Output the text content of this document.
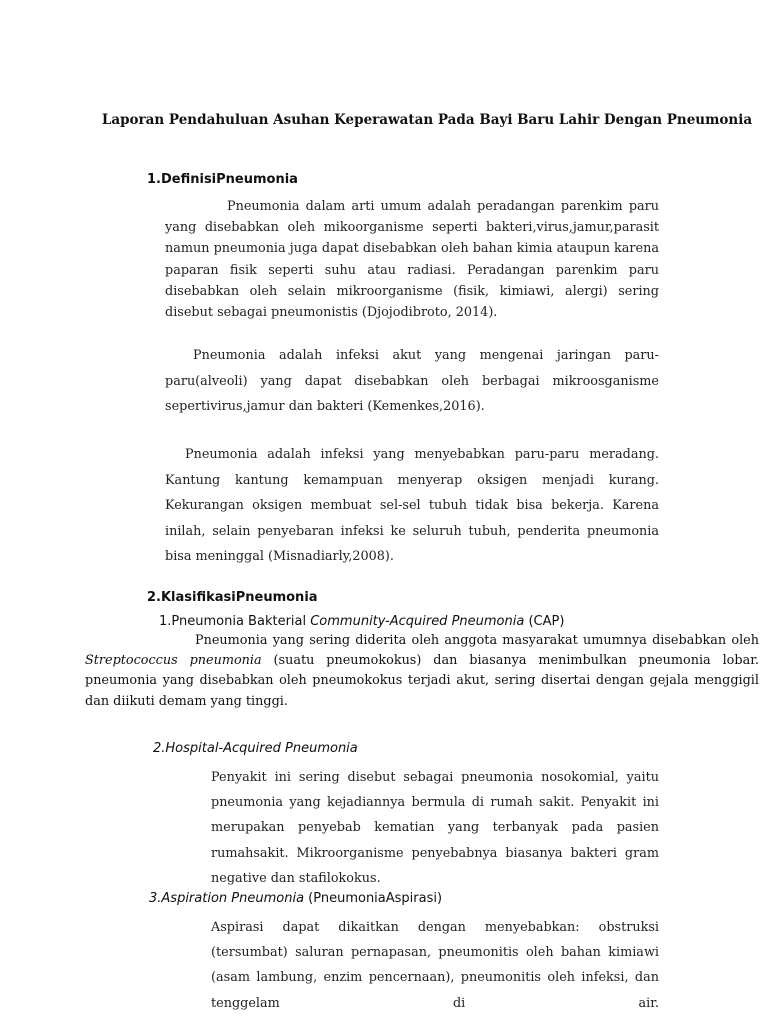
Laporan Pendahuluan Asuhan Keperawatan Pada Bayi Baru Lahir Dengan Pneumonia

1.DefinisiPneumonia

Pneumonia dalam arti umum adalah peradangan parenkim paru yang disebabkan oleh mikoorganisme seperti bakteri,virus,jamur,parasit namun pneumonia juga dapat disebabkan oleh bahan kimia ataupun karena paparan fisik seperti suhu atau radiasi. Peradangan parenkim paru disebabkan oleh selain mikroorganisme (fisik, kimiawi, alergi) sering disebut sebagai pneumonistis (Djojodibroto, 2014).

Pneumonia adalah infeksi akut yang mengenai jaringan paru-paru(alveoli) yang dapat disebabkan oleh berbagai mikroosganisme sepertivirus,jamur dan bakteri (Kemenkes,2016).

Pneumonia adalah infeksi yang menyebabkan paru-paru meradang. Kantung kantung kemampuan menyerap oksigen menjadi kurang. Kekurangan oksigen membuat sel-sel tubuh tidak bisa bekerja. Karena inilah, selain penyebaran infeksi ke seluruh tubuh, penderita pneumonia bisa meninggal (Misnadiarly,2008).

2.KlasifikasiPneumonia

1.Pneumonia Bakterial Community-Acquired Pneumonia (CAP)

Pneumonia yang sering diderita oleh anggota masyarakat umumnya disebabkan oleh Streptococcus pneumonia (suatu pneumokokus) dan biasanya menimbulkan pneumonia lobar. pneumonia yang disebabkan oleh pneumokokus terjadi akut, sering disertai dengan gejala menggigil dan diikuti demam yang tinggi.

2.Hospital-Acquired Pneumonia

Penyakit ini sering disebut sebagai pneumonia nosokomial, yaitu pneumonia yang kejadiannya bermula di rumah sakit. Penyakit ini merupakan penyebab kematian yang terbanyak pada pasien rumahsakit. Mikroorganisme penyebabnya biasanya bakteri gram negative dan stafilokokus.

3.Aspiration Pneumonia (PneumoniaAspirasi)

Aspirasi dapat dikaitkan dengan menyebabkan: obstruksi (tersumbat) saluran pernapasan, pneumonitis oleh bahan kimiawi (asam lambung, enzim pencernaan), pneumonitis oleh infeksi, dan tenggelam di air.
